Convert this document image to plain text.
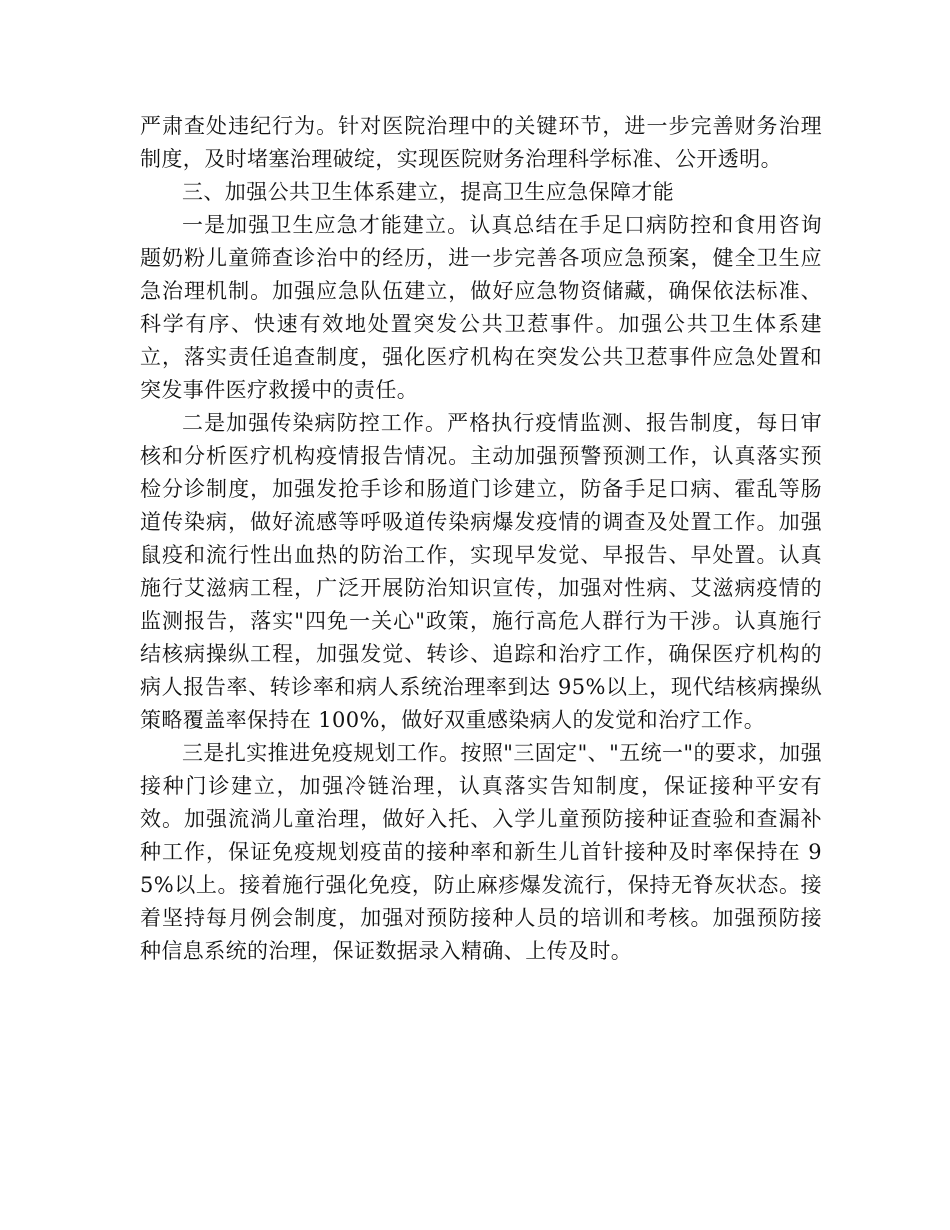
严肃查处违纪行为。针对医院治理中的关键环节，进一步完善财务治理制度，及时堵塞治理破绽，实现医院财务治理科学标准、公开透明。

三、加强公共卫生体系建立，提高卫生应急保障才能

一是加强卫生应急才能建立。认真总结在手足口病防控和食用咨询题奶粉儿童筛查诊治中的经历，进一步完善各项应急预案，健全卫生应急治理机制。加强应急队伍建立，做好应急物资储藏，确保依法标准、科学有序、快速有效地处置突发公共卫惹事件。加强公共卫生体系建立，落实责任追查制度，强化医疗机构在突发公共卫惹事件应急处置和突发事件医疗救援中的责任。

二是加强传染病防控工作。严格执行疫情监测、报告制度，每日审核和分析医疗机构疫情报告情况。主动加强预警预测工作，认真落实预检分诊制度，加强发抢手诊和肠道门诊建立，防备手足口病、霍乱等肠道传染病，做好流感等呼吸道传染病爆发疫情的调查及处置工作。加强鼠疫和流行性出血热的防治工作，实现早发觉、早报告、早处置。认真施行艾滋病工程，广泛开展防治知识宣传，加强对性病、艾滋病疫情的监测报告，落实"四免一关心"政策，施行高危人群行为干涉。认真施行结核病操纵工程，加强发觉、转诊、追踪和治疗工作，确保医疗机构的病人报告率、转诊率和病人系统治理率到达 95%以上，现代结核病操纵策略覆盖率保持在 100%，做好双重感染病人的发觉和治疗工作。

三是扎实推进免疫规划工作。按照"三固定"、"五统一"的要求，加强接种门诊建立，加强冷链治理，认真落实告知制度，保证接种平安有效。加强流淌儿童治理，做好入托、入学儿童预防接种证查验和查漏补种工作，保证免疫规划疫苗的接种率和新生儿首针接种及时率保持在 95%以上。接着施行强化免疫，防止麻疹爆发流行，保持无脊灰状态。接着坚持每月例会制度，加强对预防接种人员的培训和考核。加强预防接种信息系统的治理，保证数据录入精确、上传及时。
